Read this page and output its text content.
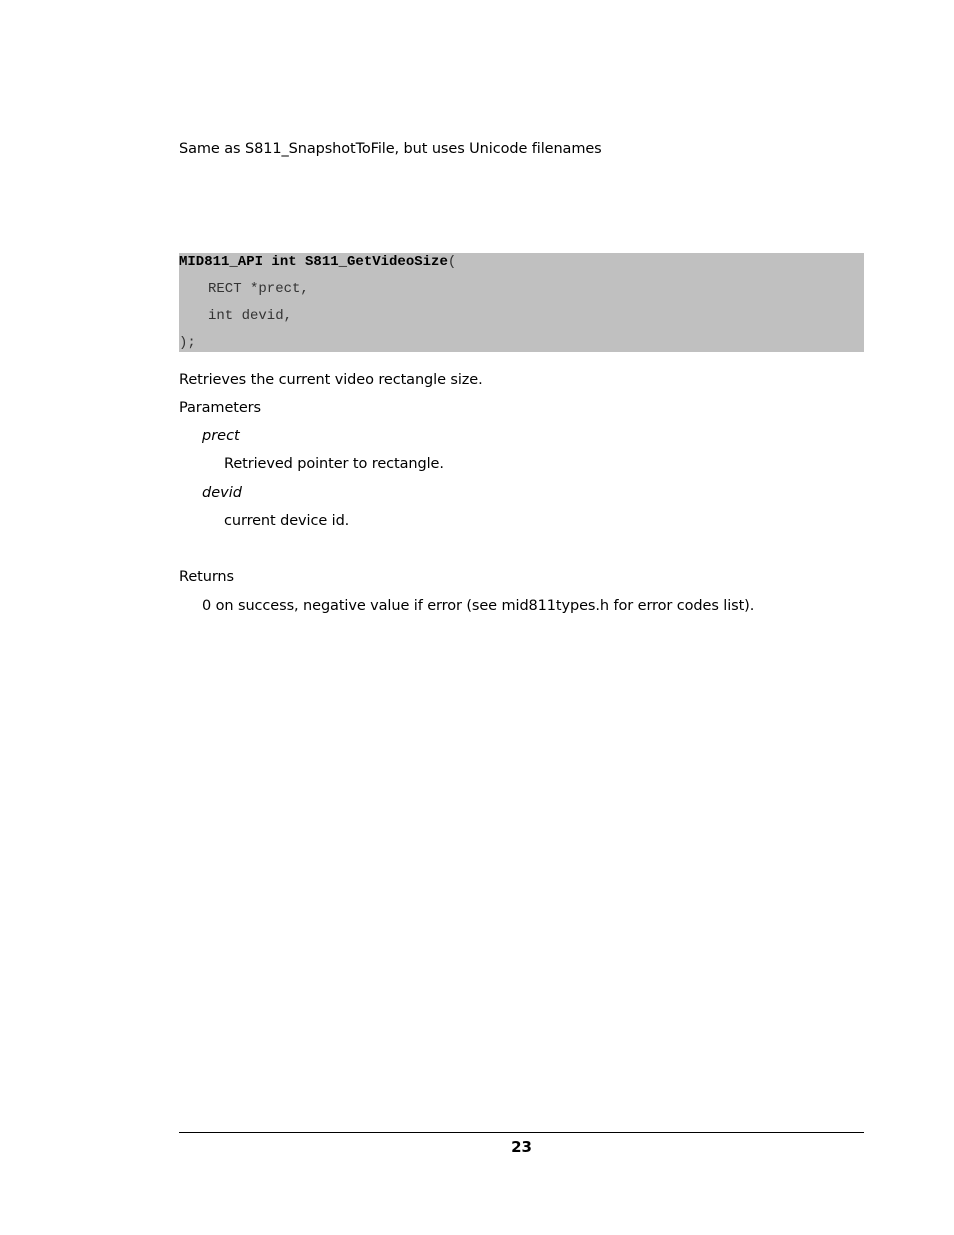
Same as S811_SnapshotToFile, but uses Unicode filenames
MID811_API int S811_GetVideoSize(
RECT *prect,
int devid,
);
Retrieves the current video rectangle size.
Parameters
prect
Retrieved pointer to rectangle.
devid
current device id.
Returns
0 on success, negative value if error (see mid811types.h for error codes list).
23
